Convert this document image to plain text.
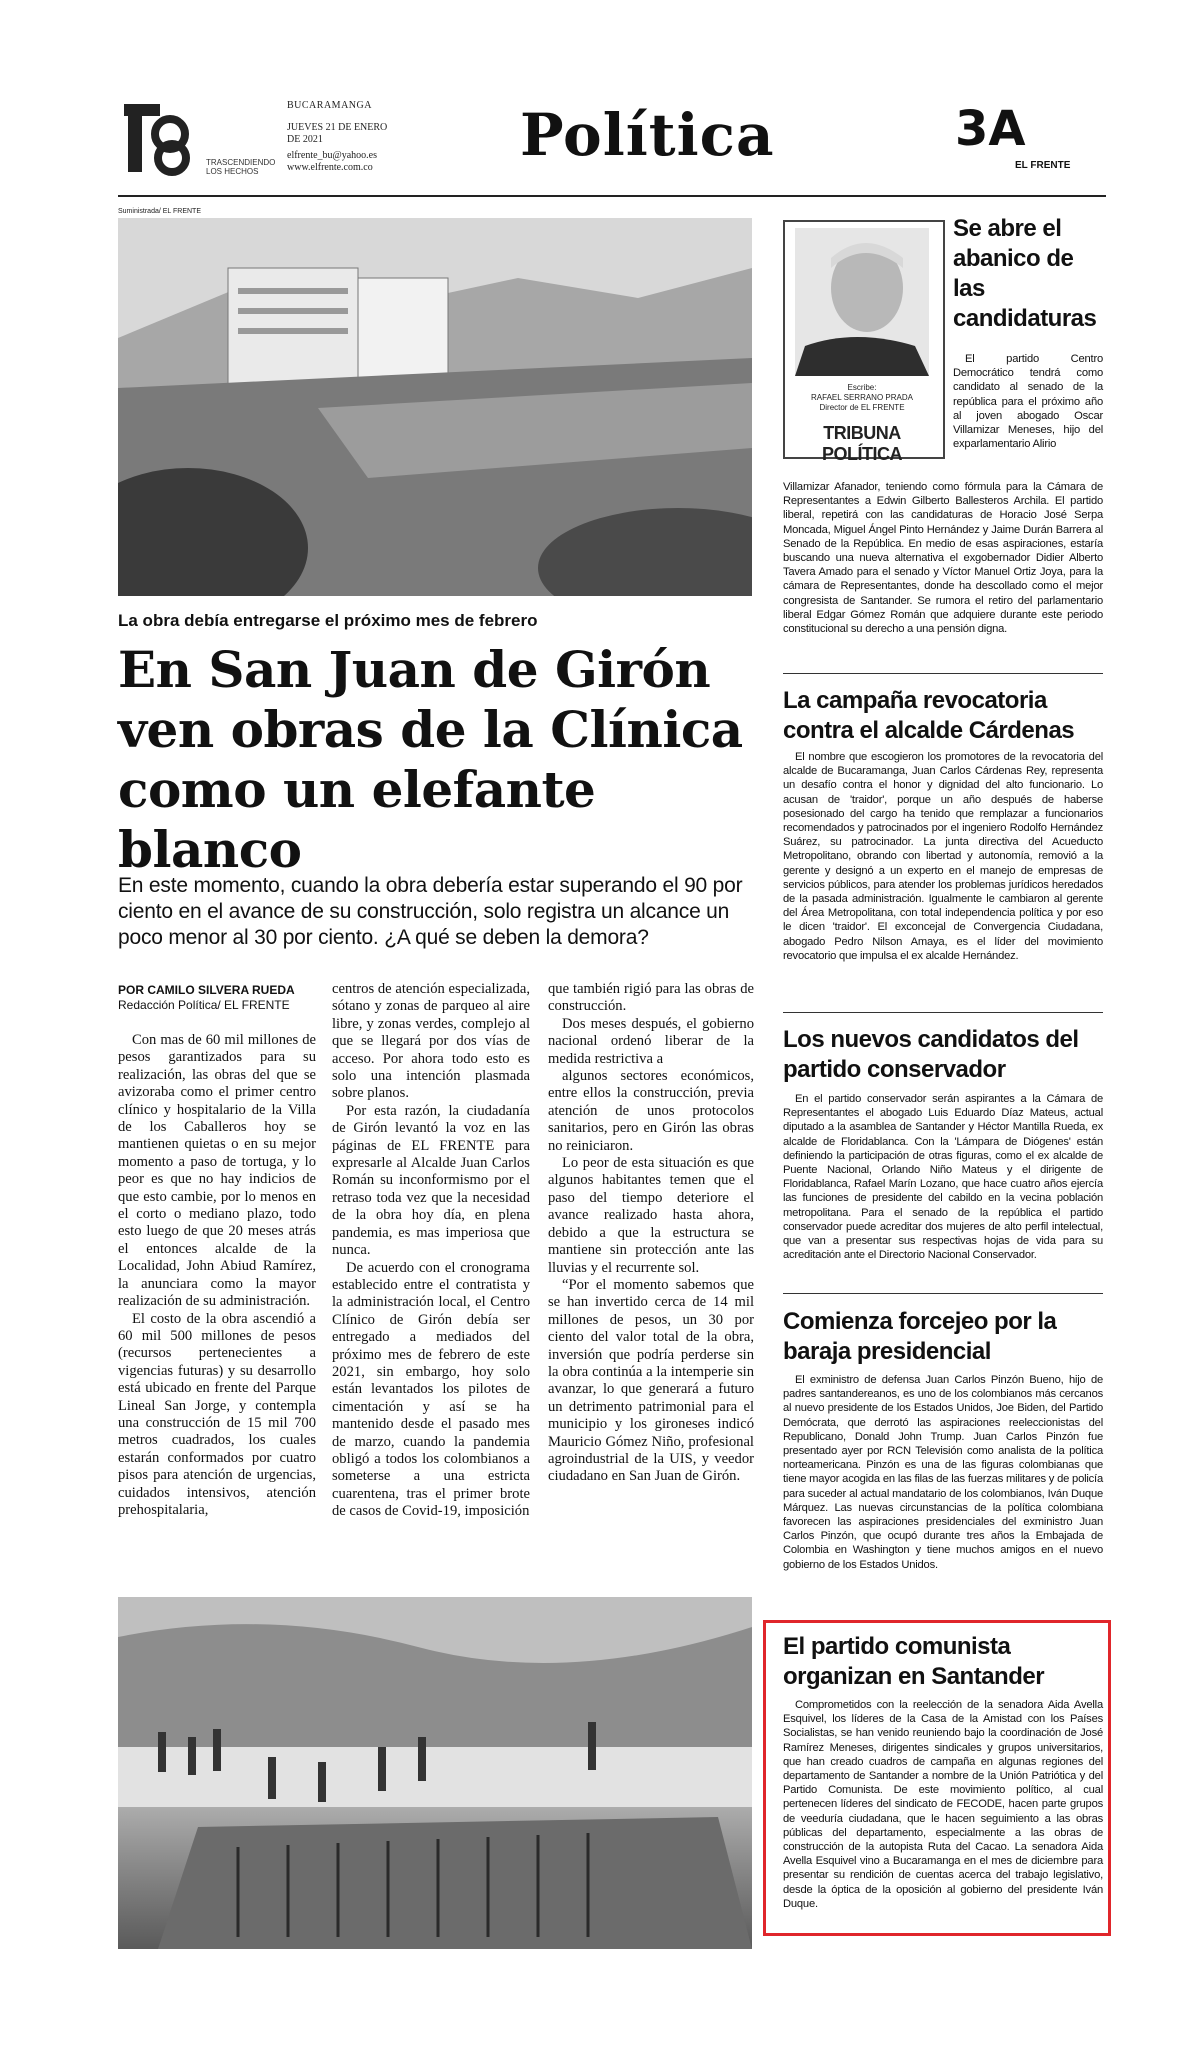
TRASCENDIENDO LOS HECHOS
BUCARAMANGA
JUEVES 21 DE ENERO DE 2021
elfrente_bu@yahoo.es
www.elfrente.com.co	Política	3A
EL FRENTE
Suministrada/ EL FRENTE
La obra debía entregarse el próximo mes de febrero
En San Juan de Girón ven obras de la Clínica como un elefante blanco
En este momento, cuando la obra debería estar superando el 90 por ciento en el avance de su construcción, solo registra un alcance un poco menor al 30 por ciento. ¿A qué se deben la demora?
POR CAMILO SILVERA RUEDA
Redacción Política/ EL FRENTE

Con mas de 60 mil millones de pesos garantizados para su realización, las obras del que se avizoraba como el primer centro clínico y hospitalario de la Villa de los Caballeros hoy se mantienen quietas o en su mejor momento a paso de tortuga, y lo peor es que no hay indicios de que esto cambie, por lo menos en el corto o mediano plazo, todo esto luego de que 20 meses atrás el entonces alcalde de la Localidad, John Abiud Ramírez, la anunciara como la mayor realización de su administración.

El costo de la obra ascendió a 60 mil 500 millones de pesos (recursos pertenecientes a vigencias futuras) y su desarrollo está ubicado en frente del Parque Lineal San Jorge, y contempla una construcción de 15 mil 700 metros cuadrados, los cuales estarán conformados por cuatro pisos para atención de urgencias, cuidados intensivos, atención prehospitalaria,

centros de atención especializada, sótano y zonas de parqueo al aire libre, y zonas verdes, complejo al que se llegará por dos vías de acceso. Por ahora todo esto es solo una intención plasmada sobre planos.

Por esta razón, la ciudadanía de Girón levantó la voz en las páginas de EL FRENTE para expresarle al Alcalde Juan Carlos Román su inconformismo por el retraso toda vez que la necesidad de la obra hoy día, en plena pandemia, es mas imperiosa que nunca.

De acuerdo con el cronograma establecido entre el contratista y la administración local, el Centro Clínico de Girón debía ser entregado a mediados del próximo mes de febrero de este 2021, sin embargo, hoy solo están levantados los pilotes de cimentación y así se ha mantenido desde el pasado mes de marzo, cuando la pandemia obligó a todos los colombianos a someterse a una estricta cuarentena, tras el primer brote de casos de Covid-19, imposición

que también rigió para las obras de construcción.

Dos meses después, el gobierno nacional ordenó liberar de la medida restrictiva a

algunos sectores económicos, entre ellos la construcción, previa atención de unos protocolos sanitarios, pero en Girón las obras no reiniciaron.

Lo peor de esta situación es que algunos habitantes temen que el paso del tiempo deteriore el avance realizado hasta ahora, debido a que la estructura se mantiene sin protección ante las lluvias y el recurrente sol.

“Por el momento sabemos que se han invertido cerca de 14 mil millones de pesos, un 30 por ciento del valor total de la obra, inversión que podría perderse sin la obra continúa a la intemperie sin avanzar, lo que generará a futuro un detrimento patrimonial para el municipio y los gironeses indicó Mauricio Gómez Niño, profesional agroindustrial de la UIS, y veedor ciudadano en San Juan de Girón.

Escribe:
RAFAEL SERRANO PRADA
Director de EL FRENTE
TRIBUNA POLÍTICA
Se abre el abanico de las candidaturas

El partido Centro Democrático tendrá como candidato al senado de la república para el próximo año al joven abogado Oscar Villamizar Meneses, hijo del exparlamentario Alirio

Villamizar Afanador, teniendo como fórmula para la Cámara de Representantes a Edwin Gilberto Ballesteros Archila. El partido liberal, repetirá con las candidaturas de Horacio José Serpa Moncada, Miguel Ángel Pinto Hernández y Jaime Durán Barrera al Senado de la República. En medio de esas aspiraciones, estaría buscando una nueva alternativa el exgobernador Didier Alberto Tavera Amado para el senado y Víctor Manuel Ortiz Joya, para la cámara de Representantes, donde ha descollado como el mejor congresista de Santander. Se rumora el retiro del parlamentario liberal Edgar Gómez Román que adquiere durante este periodo constitucional su derecho a una pensión digna.

La campaña revocatoria contra el alcalde Cárdenas

El nombre que escogieron los promotores de la revocatoria del alcalde de Bucaramanga, Juan Carlos Cárdenas Rey, representa un desafío contra el honor y dignidad del alto funcionario. Lo acusan de 'traidor', porque un año después de haberse posesionado del cargo ha tenido que remplazar a funcionarios recomendados y patrocinados por el ingeniero Rodolfo Hernández Suárez, su patrocinador. La junta directiva del Acueducto Metropolitano, obrando con libertad y autonomía, removió a la gerente y designó a un experto en el manejo de empresas de servicios públicos, para atender los problemas jurídicos heredados de la pasada administración. Igualmente le cambiaron al gerente del Área Metropolitana, con total independencia política y por eso le dicen 'traidor'. El exconcejal de Convergencia Ciudadana, abogado Pedro Nilson Amaya, es el líder del movimiento revocatorio que impulsa el ex alcalde Hernández.

Los nuevos candidatos del partido conservador

En el partido conservador serán aspirantes a la Cámara de Representantes el abogado Luis Eduardo Díaz Mateus, actual diputado a la asamblea de Santander y Héctor Mantilla Rueda, ex alcalde de Floridablanca. Con la 'Lámpara de Diógenes' están definiendo la participación de otras figuras, como el ex alcalde de Puente Nacional, Orlando Niño Mateus y el dirigente de Floridablanca, Rafael Marín Lozano, que hace cuatro años ejercía las funciones de presidente del cabildo en la vecina población metropolitana. Para el senado de la república el partido conservador puede acreditar dos mujeres de alto perfil intelectual, que van a presentar sus respectivas hojas de vida para su acreditación ante el Directorio Nacional Conservador.

Comienza forcejeo por la baraja presidencial

El exministro de defensa Juan Carlos Pinzón Bueno, hijo de padres santandereanos, es uno de los colombianos más cercanos al nuevo presidente de los Estados Unidos, Joe Biden, del Partido Demócrata, que derrotó las aspiraciones reeleccionistas del Republicano, Donald John Trump. Juan Carlos Pinzón fue presentado ayer por RCN Televisión como analista de la política norteamericana. Pinzón es una de las figuras colombianas que tiene mayor acogida en las filas de las fuerzas militares y de policía para suceder al actual mandatario de los colombianos, Iván Duque Márquez. Las nuevas circunstancias de la política colombiana favorecen las aspiraciones presidenciales del exministro Juan Carlos Pinzón, que ocupó durante tres años la Embajada de Colombia en Washington y tiene muchos amigos en el nuevo gobierno de los Estados Unidos.

El partido comunista organizan en Santander

Comprometidos con la reelección de la senadora Aida Avella Esquivel, los líderes de la Casa de la Amistad con los Países Socialistas, se han venido reuniendo bajo la coordinación de José Ramírez Meneses, dirigentes sindicales y grupos universitarios, que han creado cuadros de campaña en algunas regiones del departamento de Santander a nombre de la Unión Patriótica y del Partido Comunista. De este movimiento político, al cual pertenecen líderes del sindicato de FECODE, hacen parte grupos de veeduría ciudadana, que le hacen seguimiento a las obras públicas del departamento, especialmente a las obras de construcción de la autopista Ruta del Cacao. La senadora Aida Avella Esquivel vino a Bucaramanga en el mes de diciembre para presentar su rendición de cuentas acerca del trabajo legislativo, desde la óptica de la oposición al gobierno del presidente Iván Duque.
